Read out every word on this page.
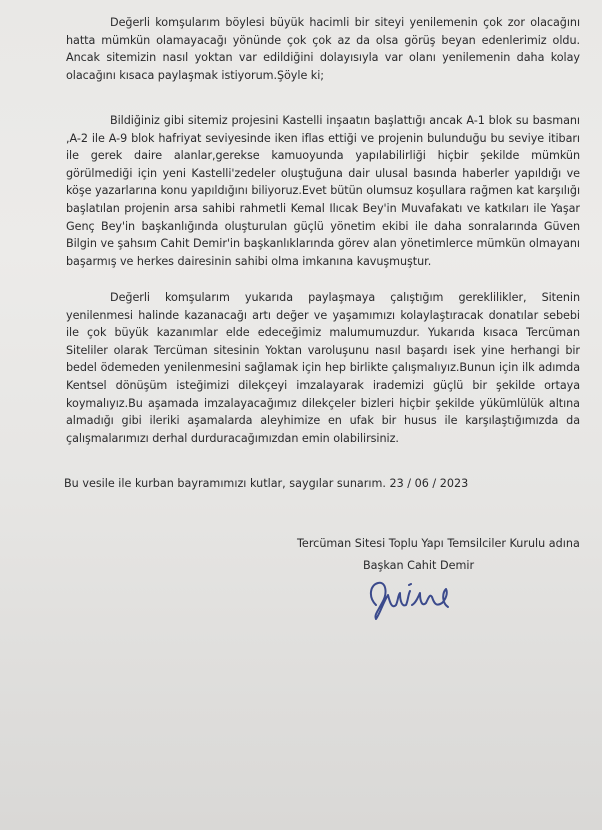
Değerli komşularım böylesi büyük hacimli bir siteyi yenilemenin çok zor olacağını hatta mümkün olamayacağı yönünde çok çok az da olsa görüş beyan edenlerimiz oldu. Ancak sitemizin nasıl yoktan var edildiğini dolayısıyla var olanı yenilemenin daha kolay olacağını kısaca paylaşmak istiyorum.Şöyle ki;

Bildiğiniz gibi sitemiz projesini Kastelli inşaatın başlattığı ancak A-1 blok su basmanı ,A-2 ile A-9 blok hafriyat seviyesinde iken iflas ettiği ve projenin bulunduğu bu seviye itibarı ile gerek daire alanlar,gerekse kamuoyunda yapılabilirliği hiçbir şekilde mümkün görülmediği için yeni Kastelli'zedeler oluştuğuna dair ulusal basında haberler yapıldığı ve köşe yazarlarına konu yapıldığını biliyoruz.Evet bütün olumsuz koşullara rağmen kat karşılığı başlatılan projenin arsa sahibi rahmetli Kemal Ilıcak Bey'in Muvafakatı ve katkıları ile Yaşar Genç Bey'in başkanlığında oluşturulan güçlü yönetim ekibi ile daha sonralarında Güven Bilgin ve şahsım Cahit Demir'in başkanlıklarında görev alan yönetimlerce mümkün olmayanı başarmış ve herkes dairesinin sahibi olma imkanına kavuşmuştur.

Değerli komşularım yukarıda paylaşmaya çalıştığım gereklilikler, Sitenin yenilenmesi halinde kazanacağı artı değer ve yaşamımızı kolaylaştıracak donatılar sebebi ile çok büyük kazanımlar elde edeceğimiz malumumuzdur. Yukarıda kısaca Tercüman Siteliler olarak Tercüman sitesinin Yoktan varoluşunu nasıl başardı isek yine herhangi bir bedel ödemeden yenilenmesini sağlamak için hep birlikte çalışmalıyız.Bunun için ilk adımda Kentsel dönüşüm isteğimizi dilekçeyi imzalayarak irademizi güçlü bir şekilde ortaya koymalıyız.Bu aşamada imzalayacağımız dilekçeler bizleri hiçbir şekilde yükümlülük altına almadığı gibi ileriki aşamalarda aleyhimize en ufak bir husus ile karşılaştığımızda da çalışmalarımızı derhal durduracağımızdan emin olabilirsiniz.

Bu vesile ile kurban bayramımızı kutlar, saygılar sunarım. 23 / 06 / 2023

Tercüman Sitesi Toplu Yapı Temsilciler Kurulu adına

Başkan Cahit Demir
